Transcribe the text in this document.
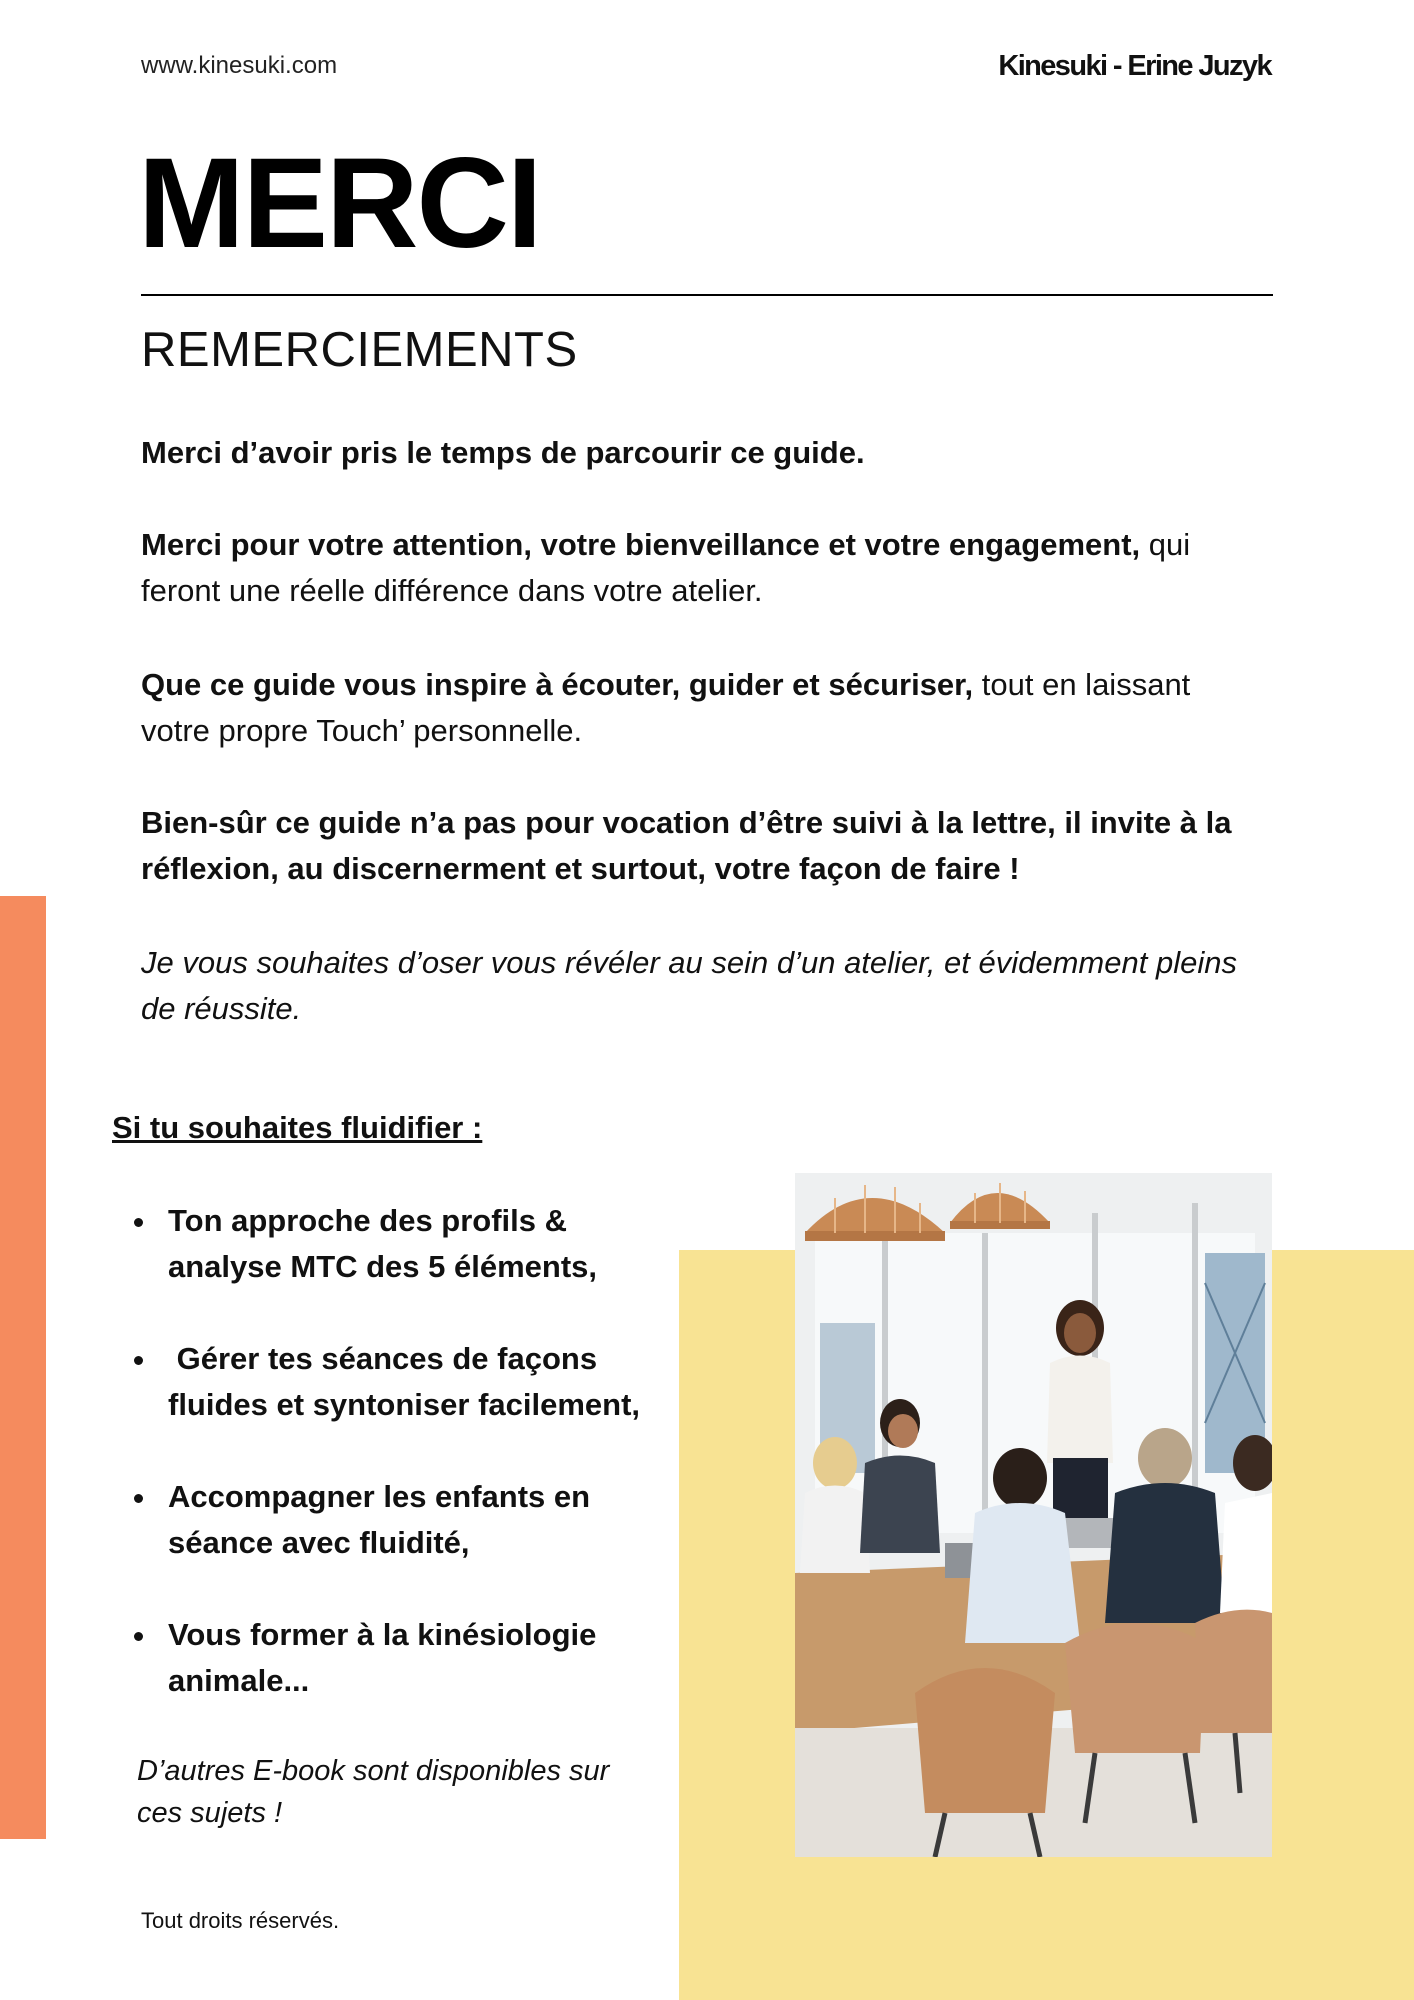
www.kinesuki.com	Kinesuki - Erine Juzyk
MERCI
REMERCIEMENTS
Merci d’avoir pris le temps de parcourir ce guide.
Merci pour votre attention, votre bienveillance et votre engagement, qui feront une réelle différence dans votre atelier.
Que ce guide vous inspire à écouter, guider et sécuriser, tout en laissant votre propre Touch’ personnelle.
Bien-sûr ce guide n’a pas pour vocation d’être suivi à la lettre, il invite à la réflexion, au discernerment et surtout, votre façon de faire !
Je vous souhaites d’oser vous révéler au sein d’un atelier, et évidemment pleins de réussite.
Si tu souhaites fluidifier :
Ton approche des profils & analyse MTC des 5 éléments,
Gérer tes séances de façons fluides et syntoniser facilement,
Accompagner les enfants en séance avec fluidité,
Vous former à la kinésiologie animale...
D’autres E-book sont disponibles sur ces sujets !
Tout droits réservés.
